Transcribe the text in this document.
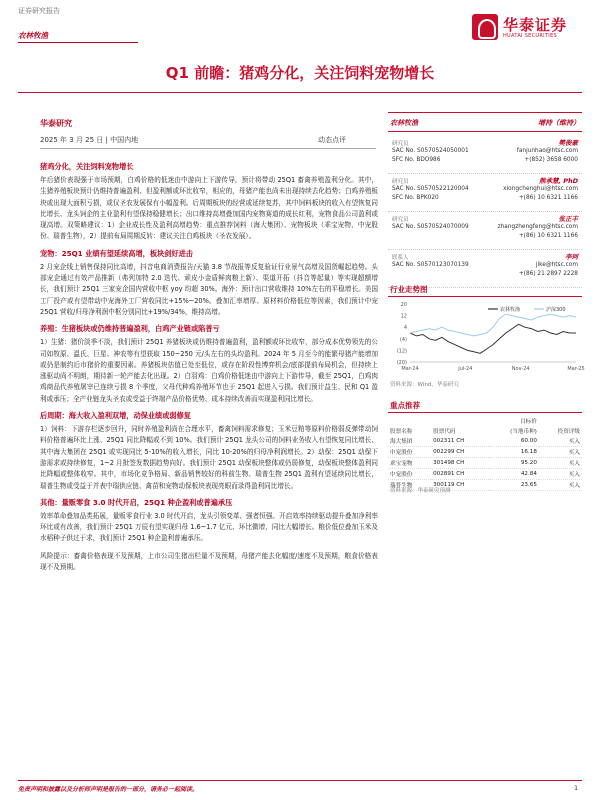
证券研究报告
农林牧渔
华泰证券
HUATAI SECURITIES
Q1 前瞻：猪鸡分化，关注饲料宠物增长
华泰研究
2025 年 3 月 25 日 | 中国内地	动态点评
猪鸡分化，关注饲料宠物增长
年后猪价表现强于市场预期，白鸡价格的低迷由中游向上下游传导，预计将带动 25Q1 畜禽养殖盈利分化。其中，生猪养殖板块预计仍维持普遍盈利、但盈利额或环比收窄，相应的，母猪产能也尚未出现持续去化趋势；白鸡养殖板块或出现大面积亏损，或仅圣农发展保有小幅盈利。后周期板块的经营或延续复苏，其中饲料板块的收入有望恢复同比增长、龙头饲企的主业盈利有望保持稳健增长；出口维持高增叠加国内宠物赛道的成长红利，宠物食品公司盈利或现高增。双策略建议：1）企业成长性及盈利高增趋势：重点推荐饲料（海大集团）、宠物板块（乖宝宠物、中宠股份、瑞普生物），2）提前布局周期反转：建议关注白鸡板块（圣农发展）。
宠物：25Q1 业绩有望延续高增，板块剑好进击
2 月宠企线上销售保持同比高增，抖音电商消费报告/天猫 3.8 节战报等反复验证行业景气高增及国货崛起趋势。头部宠企通过有效产品推新（弗列加特 2.0 迭代、顽皮小金盾鲜肉粮上新）、渠道开拓（抖音等起量）等实现超额增长，我们预计 25Q1 三家宠企国内营收中枢 yoy 均超 30%。海外：预计出口营收维持 10%左右的平稳增长。美国工厂投产或有望带动中宠海外工厂营收同比+15%~20%。叠加汇率增厚、原材料价格低位等因素，我们预计中宠 25Q1 营收/归母净利润中枢分别同比+19%/34%，维持高增。
养殖：生猪板块或仍维持普遍盈利，白鸡产业链或陷普亏
1）生猪：猪价淡季不淡，我们预计 25Q1 养猪板块或仍维持普遍盈利，盈利额或环比收窄，部分成本优势领先的公司如牧原、温氏、巨星、神农等有望获取 150~250 元/头左右的头均盈利。2024 年 5 月至今的能繁母猪产能增加或仍是制约后市猪价的重要因素。养猪板块估值已处至低位，或存在阶段性博弈机会/底部提前布局机会，但持续上涨驱动尚不明朗，期待新一轮产能去化出现。2）白羽鸡：白鸡价格低迷由中游向上下游传导，截至 25Q1，白鸡肉鸡商品代养殖屠宰已连续亏损 8 个季度，父母代种鸡养殖环节也于 25Q1 起进入亏损。我们预计益生、民和 Q1 盈利或承压；全产业链龙头圣农或受益于终端产品价格优势、成本持续改善而实现盈利同比增长。
后周期：海大收入盈利双增，动保业绩或弱修复
1）饲料：下游存栏逐步回升，同时养殖盈利尚在合理水平，畜禽饲料需求修复；玉米豆粕等原料价格弱反弹带动饲料价格普遍环比上涨、25Q1 同比降幅或不到 10%。我们预计 25Q1 龙头公司的饲料业务收入有望恢复同比增长、其中海大集团在 25Q1 或实现同比 5-10%的收入增长，同比 10-20%的归母净利润增长。2）动保：25Q1 动保下游需求或持续修复，1~2 月批签发数据趋势向好。我们预计 25Q1 动保板块整体或仍弱修复，动保板块整体盈利同比降幅或整体收窄。其中，市场化竞争格局、新品销售较好的科前生物、瑞普生物 25Q1 盈利有望延续同比增长，瑞普生物或受益于并表中瑞供应链、禽苗和宠物动保板块表现亮眼而录得盈利同比增长。
其他：量贩零食 3.0 时代开启，25Q1 种企盈利或普遍承压
效率革命叠加品类拓展，量贩零食行业 3.0 时代开启，龙头引领变革、强者恒强。开启效率持续驱动提升叠加净利率环比或有改善，我们预计 25Q1 万辰有望实现归母 1.6~1.7 亿元、环比微增，同比大幅增长。粮价低位叠加玉米及水稻种子供过于求，我们预计 25Q1 种企盈利普遍承压。
风险提示：畜禽价格表现不及预期，上市公司生猪出栏量不及预期，母猪产能去化幅度/速度不及预期，粮食价格表现不及预期。
农林牧渔	增持（维持）
研究员	樊俊豪
SAC No. S0570524050001
SFC No. BDO986
fanjunhao@htsc.com
+(852) 3658 6000
研究员	熊承慧, PhD
SAC No. S0570522120004
SFC No. BPK020
xiongchenghui@htsc.com
+(86) 10 6321 1166
研究员	张正丰
SAC No. S0570524070009	zhangzhengfeng@htsc.com
+(86) 10 6321 1166
联系人	李珂
SAC No. S0570123070139	jike@htsc.com
+(86) 21 2897 2228
行业走势图
20
12
4
(4)
(12)
(20)
Mar-24	Jul-24	Nov-24	Mar-25
农林牧渔	沪深300
资料来源：Wind，华泰研究
重点推荐
		目标价	
股票名称	股票代码	(当地币种)	投资评级
海大集团	002311 CH	60.00	买入
中宠股份	002299 CH	16.18	买入
乖宝宠物	301498 CH	95.20	买入
中宠股份	002891 CH	42.84	买入
瑞普生物	300119 CH	23.65	买入
资料来源：华泰研究预测
免责声明和披露以及分析师声明是报告的一部分，请务必一起阅读。	1
